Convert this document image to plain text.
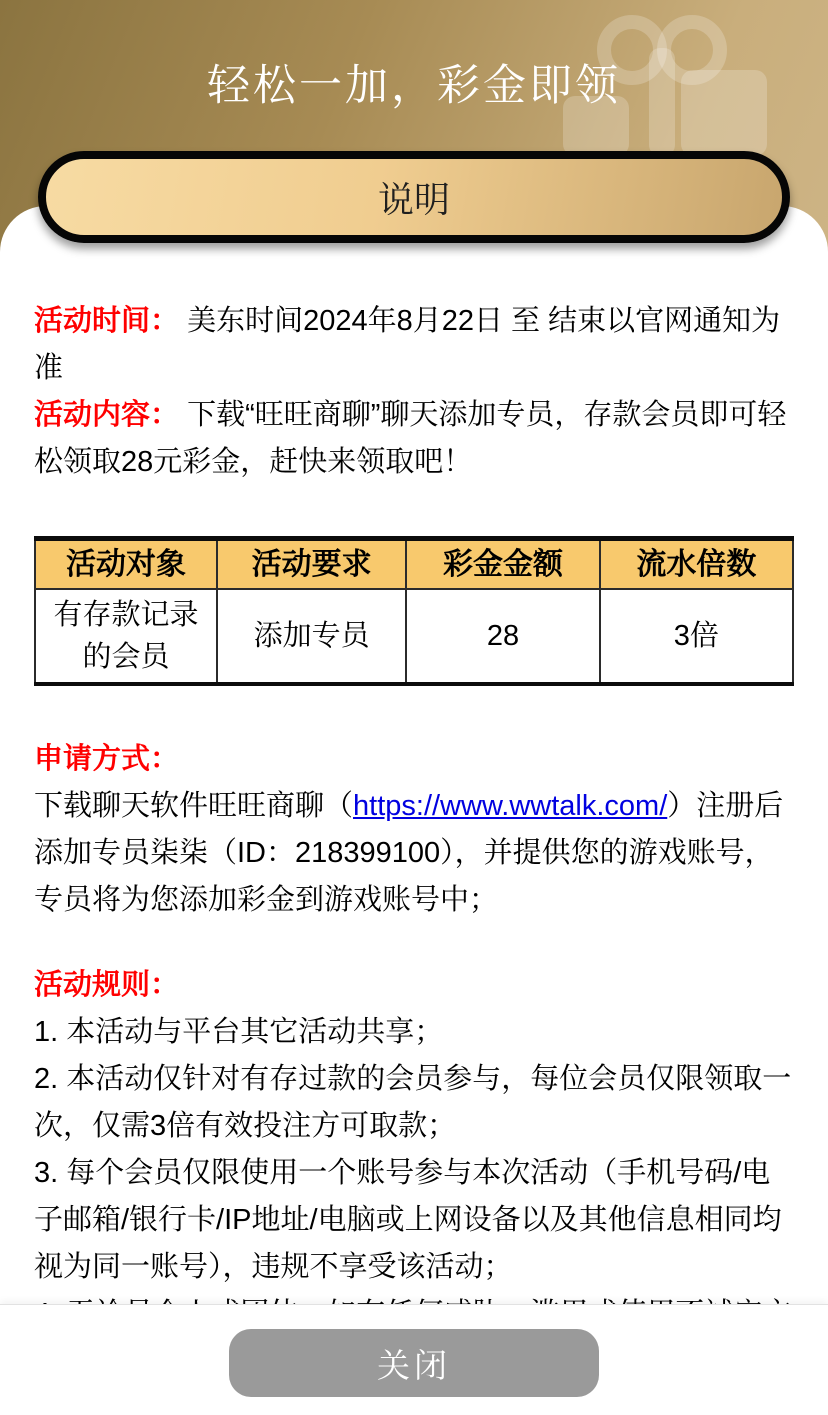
轻松一加，彩金即领
说明

活动时间： 美东时间2024年8月22日 至 结束以官网通知为准

活动内容： 下载“旺旺商聊”聊天添加专员，存款会员即可轻松领取28元彩金，赶快来领取吧！

活动对象	活动要求	彩金金额	流水倍数
有存款记录的会员	添加专员	28	3倍
申请方式：

下载聊天软件旺旺商聊（https://www.wwtalk.com/）注册后添加专员柒柒（ID：218399100），并提供您的游戏账号，专员将为您添加彩金到游戏账号中；

活动规则：

1. 本活动与平台其它活动共享；

2. 本活动仅针对有存过款的会员参与，每位会员仅限领取一次，仅需3倍有效投注方可取款；

3. 每个会员仅限使用一个账号参与本次活动（手机号码/电子邮箱/银行卡/IP地址/电脑或上网设备以及其他信息相同均视为同一账号），违规不享受该活动；

关闭
